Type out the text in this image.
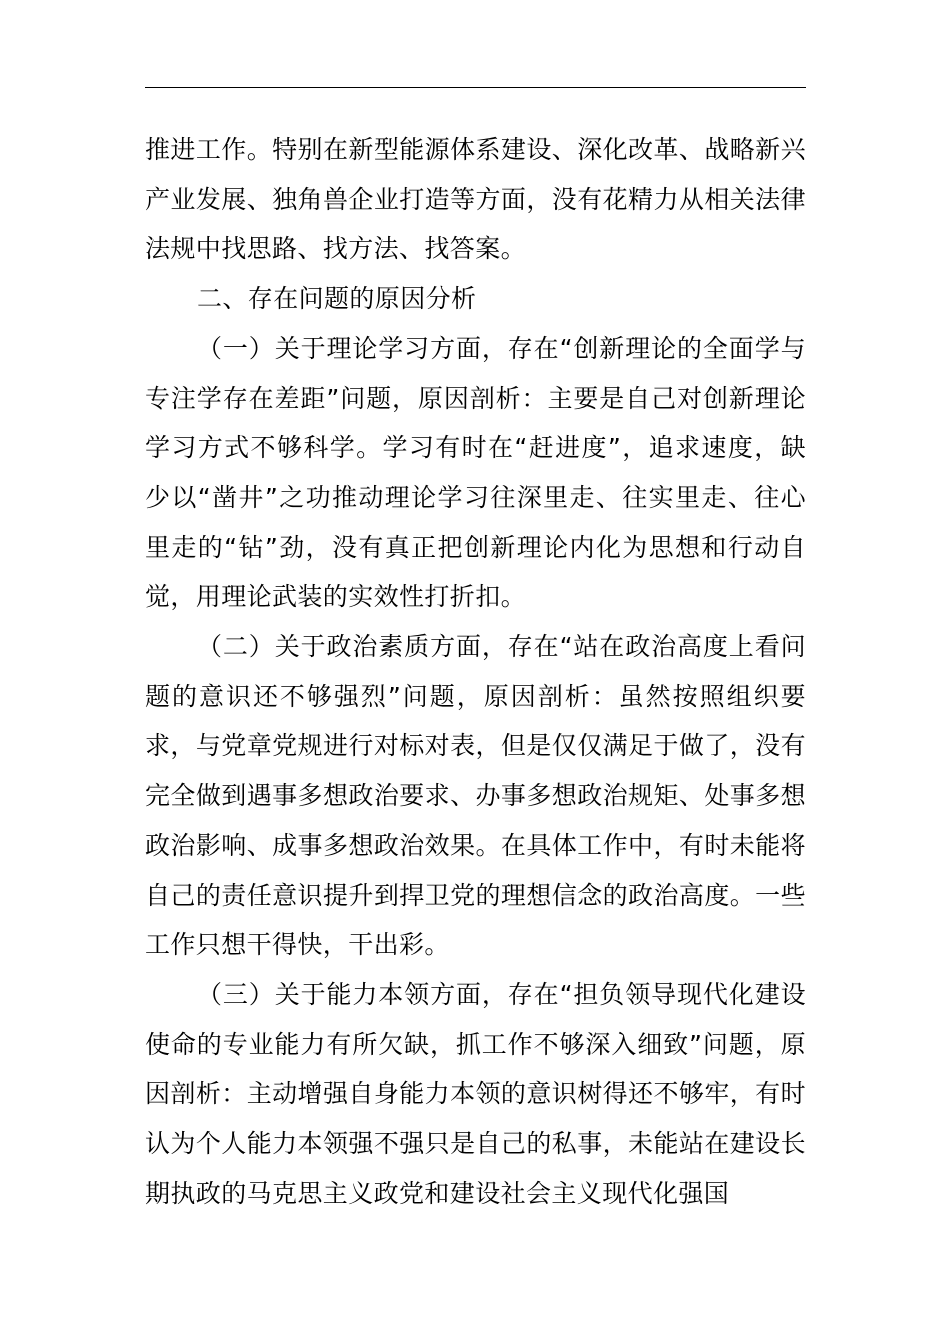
推进工作。特别在新型能源体系建设、深化改革、战略新兴产业发展、独角兽企业打造等方面，没有花精力从相关法律法规中找思路、找方法、找答案。

二、存在问题的原因分析

（一）关于理论学习方面，存在“创新理论的全面学与专注学存在差距”问题，原因剖析：主要是自己对创新理论学习方式不够科学。学习有时在“赶进度”，追求速度，缺少以“凿井”之功推动理论学习往深里走、往实里走、往心里走的“钻”劲，没有真正把创新理论内化为思想和行动自觉，用理论武装的实效性打折扣。

（二）关于政治素质方面，存在“站在政治高度上看问题的意识还不够强烈”问题，原因剖析：虽然按照组织要求，与党章党规进行对标对表，但是仅仅满足于做了，没有完全做到遇事多想政治要求、办事多想政治规矩、处事多想政治影响、成事多想政治效果。在具体工作中，有时未能将自己的责任意识提升到捍卫党的理想信念的政治高度。一些工作只想干得快，干出彩。

（三）关于能力本领方面，存在“担负领导现代化建设使命的专业能力有所欠缺，抓工作不够深入细致”问题，原因剖析：主动增强自身能力本领的意识树得还不够牢，有时认为个人能力本领强不强只是自己的私事，未能站在建设长期执政的马克思主义政党和建设社会主义现代化强国
